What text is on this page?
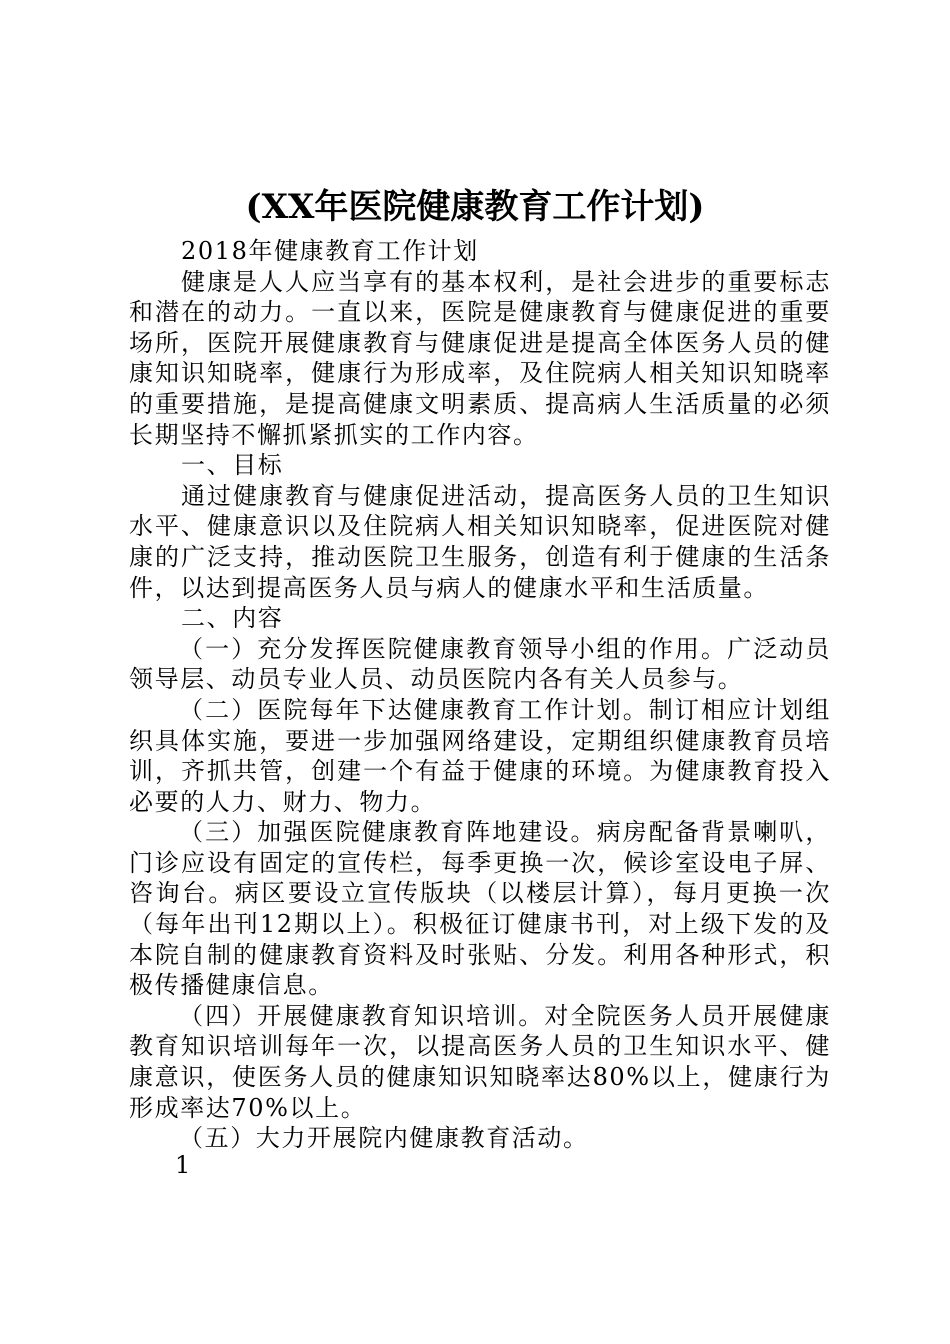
(XX年医院健康教育工作计划)

2018年健康教育工作计划

健康是人人应当享有的基本权利，是社会进步的重要标志和潜在的动力。一直以来，医院是健康教育与健康促进的重要场所，医院开展健康教育与健康促进是提高全体医务人员的健康知识知晓率，健康行为形成率，及住院病人相关知识知晓率的重要措施，是提高健康文明素质、提高病人生活质量的必须长期坚持不懈抓紧抓实的工作内容。

一、目标

通过健康教育与健康促进活动，提高医务人员的卫生知识水平、健康意识以及住院病人相关知识知晓率，促进医院对健康的广泛支持，推动医院卫生服务，创造有利于健康的生活条件，以达到提高医务人员与病人的健康水平和生活质量。

二、内容

（一）充分发挥医院健康教育领导小组的作用。广泛动员领导层、动员专业人员、动员医院内各有关人员参与。

（二）医院每年下达健康教育工作计划。制订相应计划组织具体实施，要进一步加强网络建设，定期组织健康教育员培训，齐抓共管，创建一个有益于健康的环境。为健康教育投入必要的人力、财力、物力。

（三）加强医院健康教育阵地建设。病房配备背景喇叭，门诊应设有固定的宣传栏，每季更换一次，候诊室设电子屏、咨询台。病区要设立宣传版块（以楼层计算），每月更换一次（每年出刊12期以上）。积极征订健康书刊，对上级下发的及本院自制的健康教育资料及时张贴、分发。利用各种形式，积极传播健康信息。

（四）开展健康教育知识培训。对全院医务人员开展健康教育知识培训每年一次，以提高医务人员的卫生知识水平、健康意识，使医务人员的健康知识知晓率达80%以上，健康行为形成率达70%以上。

（五）大力开展院内健康教育活动。

1
